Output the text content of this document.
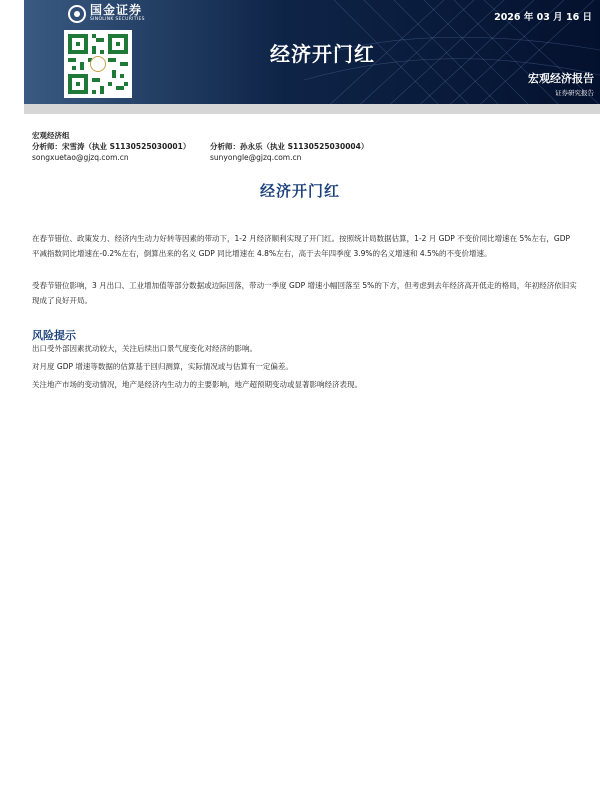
国金证券
SINOLINK SECURITIES	2026 年 03 月 16 日
经济开门红
宏观经济报告
证券研究报告
宏观经济组
分析师：宋雪涛（执业 S1130525030001）	分析师：孙永乐（执业 S1130525030004）
songxuetao@gjzq.com.cn	sunyongle@gjzq.com.cn
经济开门红
在春节错位、政策发力、经济内生动力好转等因素的带动下，1-2 月经济顺利实现了开门红。按照统计局数据估算，1-2 月 GDP 不变价同比增速在 5%左右，GDP 平减指数同比增速在-0.2%左右，倒算出来的名义 GDP 同比增速在 4.8%左右，高于去年四季度 3.9%的名义增速和 4.5%的不变价增速。
受春节错位影响，3 月出口、工业增加值等部分数据或边际回落，带动一季度 GDP 增速小幅回落至 5%的下方，但考虑到去年经济高开低走的格局，年初经济依旧实现成了良好开局。
风险提示
出口受外部因素扰动较大，关注后续出口景气度变化对经济的影响。
对月度 GDP 增速等数据的估算基于回归测算，实际情况或与估算有一定偏差。
关注地产市场的变动情况，地产是经济内生动力的主要影响，地产超预期变动或显著影响经济表现。
